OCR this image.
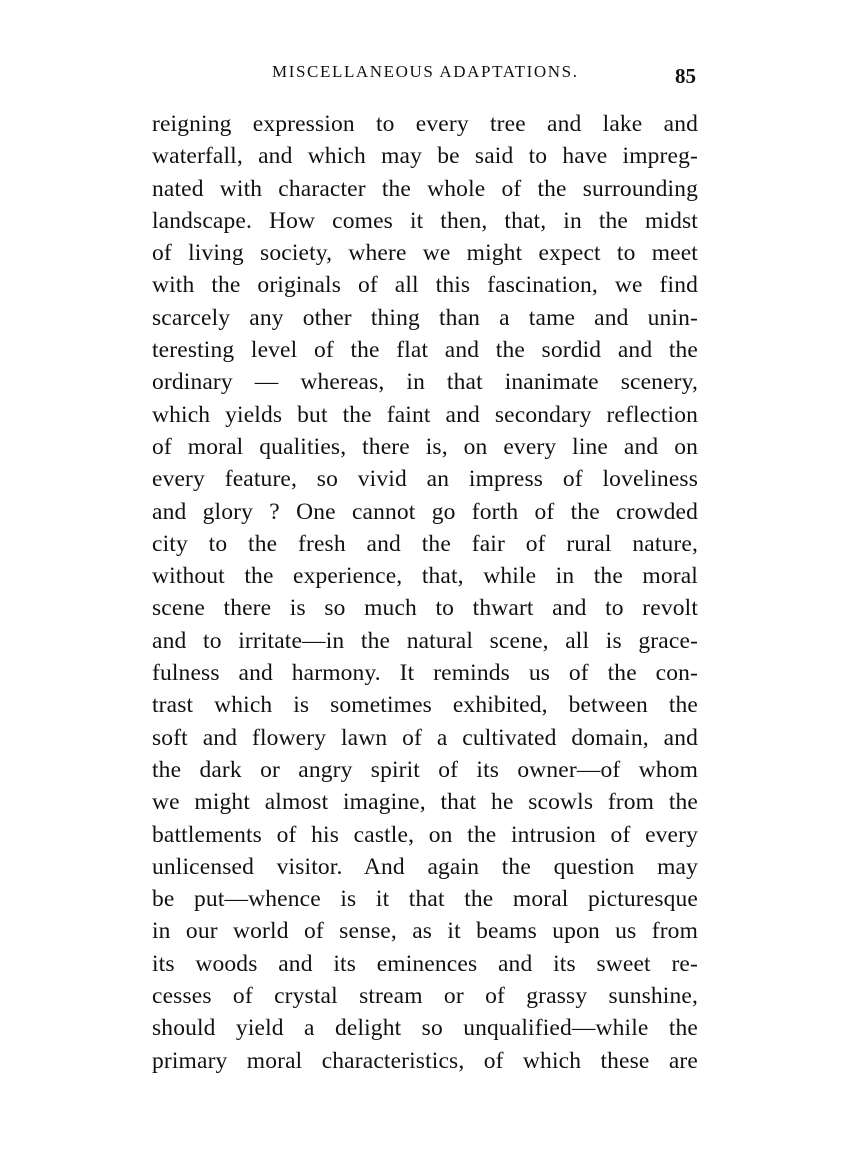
MISCELLANEOUS ADAPTATIONS.	85
reigning expression to every tree and lake and
waterfall, and which may be said to have impreg-
nated with character the whole of the surrounding
landscape. How comes it then, that, in the midst
of living society, where we might expect to meet
with the originals of all this fascination, we find
scarcely any other thing than a tame and unin-
teresting level of the flat and the sordid and the
ordinary — whereas, in that inanimate scenery,
which yields but the faint and secondary reflection
of moral qualities, there is, on every line and on
every feature, so vivid an impress of loveliness
and glory ? One cannot go forth of the crowded
city to the fresh and the fair of rural nature,
without the experience, that, while in the moral
scene there is so much to thwart and to revolt
and to irritate—in the natural scene, all is grace-
fulness and harmony. It reminds us of the con-
trast which is sometimes exhibited, between the
soft and flowery lawn of a cultivated domain, and
the dark or angry spirit of its owner—of whom
we might almost imagine, that he scowls from the
battlements of his castle, on the intrusion of every
unlicensed visitor. And again the question may
be put—whence is it that the moral picturesque
in our world of sense, as it beams upon us from
its woods and its eminences and its sweet re-
cesses of crystal stream or of grassy sunshine,
should yield a delight so unqualified—while the
primary moral characteristics, of which these are
